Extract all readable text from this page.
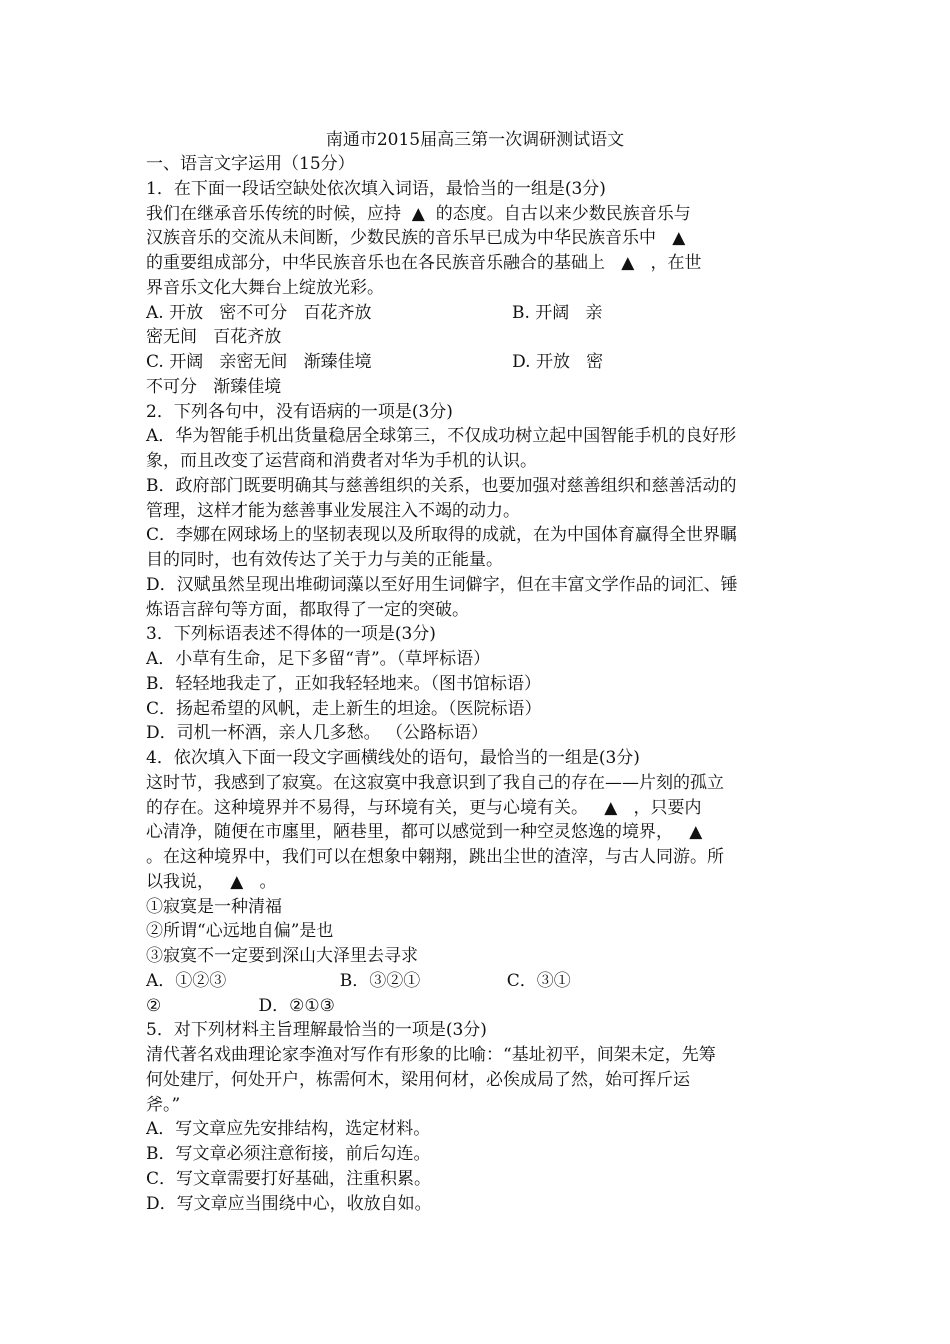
南通市2015届高三第一次调研测试语文
一、语言文字运用（15分）
1．在下面一段话空缺处依次填入词语，最恰当的一组是(3分)
我们在继承音乐传统的时候，应持  ▲  的态度。自古以来少数民族音乐与
汉族音乐的交流从未间断，少数民族的音乐早已成为中华民族音乐中   ▲
的重要组成部分，中华民族音乐也在各民族音乐融合的基础上   ▲   ，在世
界音乐文化大舞台上绽放光彩。
A. 开放   密不可分   百花齐放                          B. 开阔   亲
密无间   百花齐放
C. 开阔   亲密无间   渐臻佳境                          D. 开放   密
不可分   渐臻佳境
2．下列各句中，没有语病的一项是(3分)
A．华为智能手机出货量稳居全球第三，不仅成功树立起中国智能手机的良好形
象，而且改变了运营商和消费者对华为手机的认识。
B．政府部门既要明确其与慈善组织的关系，也要加强对慈善组织和慈善活动的
管理，这样才能为慈善事业发展注入不竭的动力。
C．李娜在网球场上的坚韧表现以及所取得的成就，在为中国体育赢得全世界瞩
目的同时，也有效传达了关于力与美的正能量。
D．汉赋虽然呈现出堆砌词藻以至好用生词僻字，但在丰富文学作品的词汇、锤
炼语言辞句等方面，都取得了一定的突破。
3．下列标语表述不得体的一项是(3分)
A．小草有生命，足下多留“青”。（草坪标语）
B．轻轻地我走了，正如我轻轻地来。（图书馆标语）
C．扬起希望的风帆，走上新生的坦途。（医院标语）
D．司机一杯酒，亲人几多愁。 （公路标语）
4．依次填入下面一段文字画横线处的语句，最恰当的一组是(3分)
这时节，我感到了寂寞。在这寂寞中我意识到了我自己的存在——片刻的孤立
的存在。这种境界并不易得，与环境有关，更与心境有关。   ▲   ，只要内
心清净，随便在市廛里，陋巷里，都可以感觉到一种空灵悠逸的境界，   ▲
。在这种境界中，我们可以在想象中翱翔，跳出尘世的渣滓，与古人同游。所
以我说，   ▲   。
①寂寞是一种清福
②所谓“心远地自偏”是也
③寂寞不一定要到深山大泽里去寻求
A．①②③                     B．③②①                C．③①
②                  D．②①③
5．对下列材料主旨理解最恰当的一项是(3分)
清代著名戏曲理论家李渔对写作有形象的比喻：“基址初平，间架未定，先筹
何处建厅，何处开户，栋需何木，梁用何材，必俟成局了然，始可挥斤运
斧。”
A．写文章应先安排结构，选定材料。
B．写文章必须注意衔接，前后勾连。
C．写文章需要打好基础，注重积累。
D．写文章应当围绕中心，收放自如。
